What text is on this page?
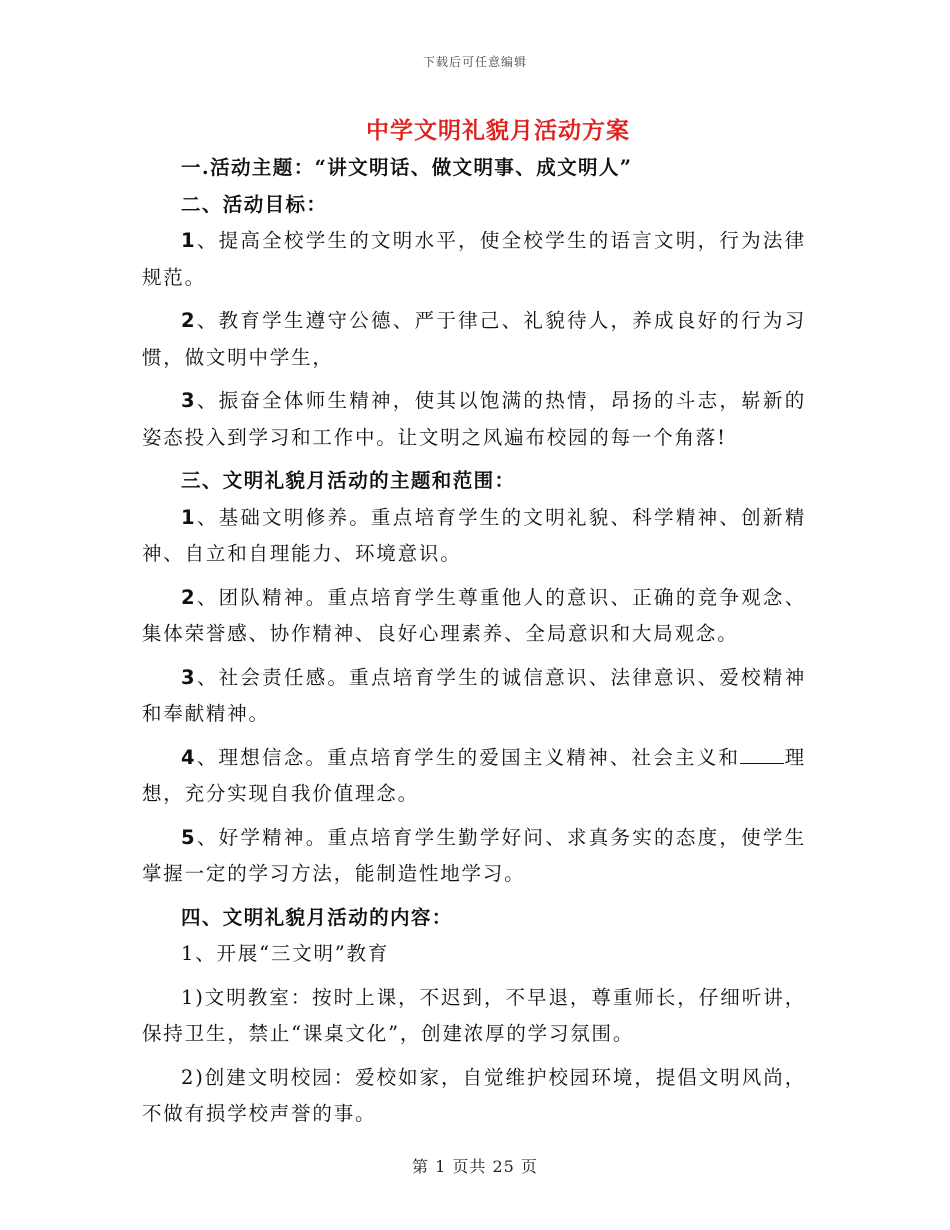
下载后可任意编辑
中学文明礼貌月活动方案

一.活动主题：“讲文明话、做文明事、成文明人”

二、活动目标：

1、提高全校学生的文明水平，使全校学生的语言文明，行为法律规范。

2、教育学生遵守公德、严于律己、礼貌待人，养成良好的行为习惯，做文明中学生，

3、振奋全体师生精神，使其以饱满的热情，昂扬的斗志，崭新的姿态投入到学习和工作中。让文明之风遍布校园的每一个角落!

三、文明礼貌月活动的主题和范围：

1、基础文明修养。重点培育学生的文明礼貌、科学精神、创新精神、自立和自理能力、环境意识。

2、团队精神。重点培育学生尊重他人的意识、正确的竞争观念、集体荣誉感、协作精神、良好心理素养、全局意识和大局观念。

3、社会责任感。重点培育学生的诚信意识、法律意识、爱校精神和奉献精神。

4、理想信念。重点培育学生的爱国主义精神、社会主义和 理想，充分实现自我价值理念。

5、好学精神。重点培育学生勤学好问、求真务实的态度，使学生掌握一定的学习方法，能制造性地学习。

四、文明礼貌月活动的内容：

1、开展“三文明”教育

1)文明教室：按时上课，不迟到，不早退，尊重师长，仔细听讲，保持卫生，禁止“课桌文化”，创建浓厚的学习氛围。

2)创建文明校园：爱校如家，自觉维护校园环境，提倡文明风尚，不做有损学校声誉的事。

第 1 页共 25 页
